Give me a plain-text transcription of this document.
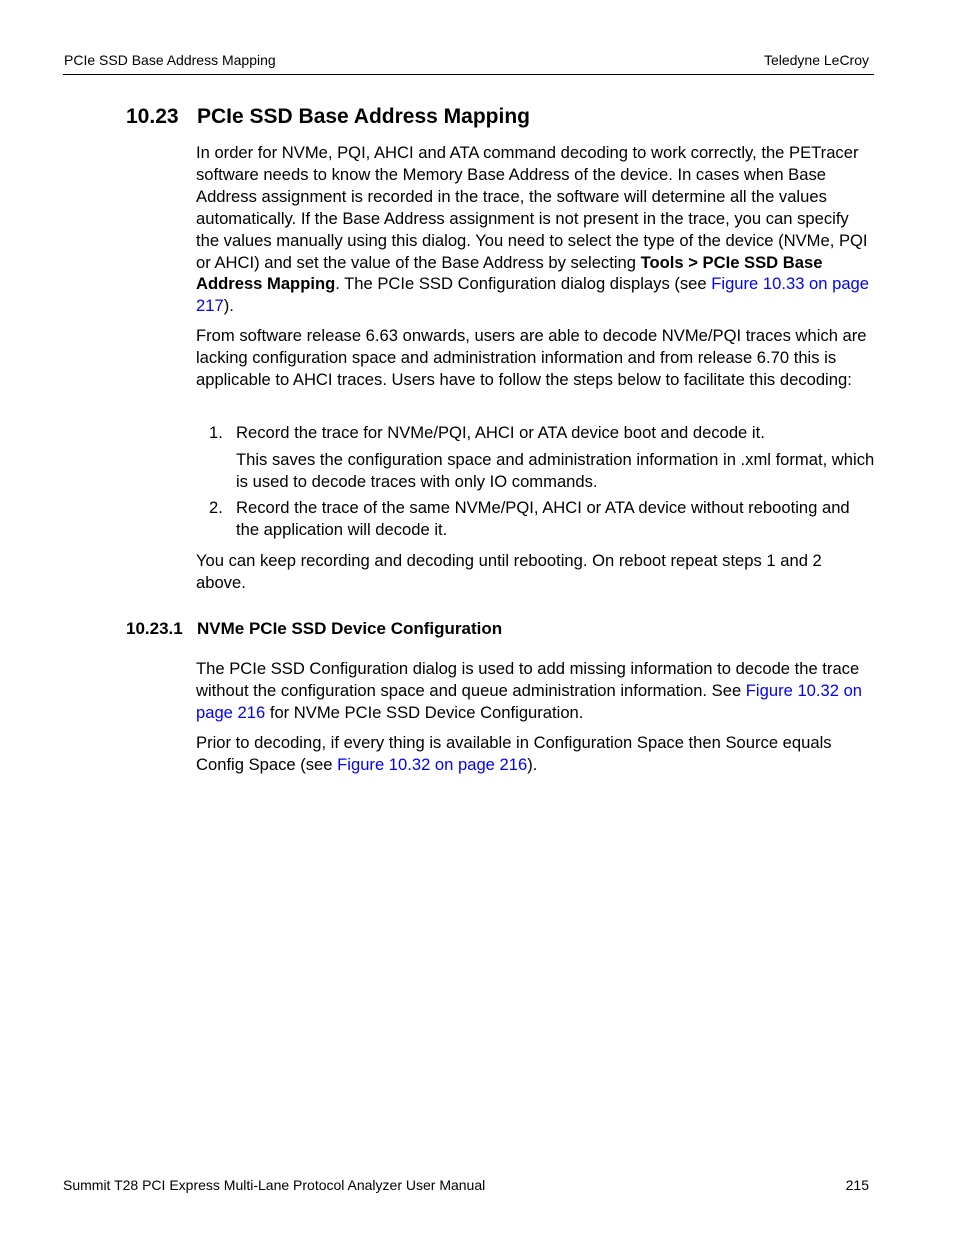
PCIe SSD Base Address Mapping	Teledyne LeCroy
10.23 PCIe SSD Base Address Mapping
In order for NVMe, PQI, AHCI and ATA command decoding to work correctly, the PETracer software needs to know the Memory Base Address of the device. In cases when Base Address assignment is recorded in the trace, the software will determine all the values automatically. If the Base Address assignment is not present in the trace, you can specify the values manually using this dialog. You need to select the type of the device (NVMe, PQI or AHCI) and set the value of the Base Address by selecting Tools > PCIe SSD Base Address Mapping. The PCIe SSD Configuration dialog displays (see Figure 10.33 on page 217).
From software release 6.63 onwards, users are able to decode NVMe/PQI traces which are lacking configuration space and administration information and from release 6.70 this is applicable to AHCI traces. Users have to follow the steps below to facilitate this decoding:
1. Record the trace for NVMe/PQI, AHCI or ATA device boot and decode it.
This saves the configuration space and administration information in .xml format, which is used to decode traces with only IO commands.
2. Record the trace of the same NVMe/PQI, AHCI or ATA device without rebooting and the application will decode it.
You can keep recording and decoding until rebooting. On reboot repeat steps 1 and 2 above.
10.23.1 NVMe PCIe SSD Device Configuration
The PCIe SSD Configuration dialog is used to add missing information to decode the trace without the configuration space and queue administration information. See Figure 10.32 on page 216 for NVMe PCIe SSD Device Configuration.
Prior to decoding, if every thing is available in Configuration Space then Source equals Config Space (see Figure 10.32 on page 216).
Summit T28 PCI Express Multi-Lane Protocol Analyzer User Manual	215
